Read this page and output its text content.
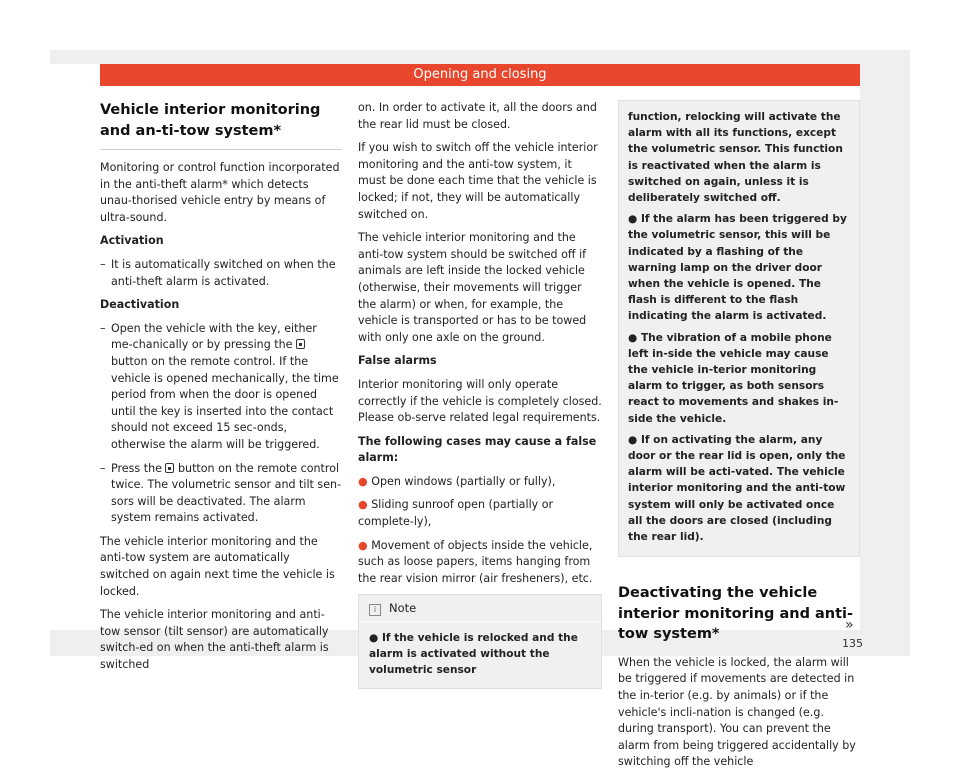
Opening and closing
Vehicle interior monitoring and an-ti-tow system*

Monitoring or control function incorporated in the anti-theft alarm* which detects unau-thorised vehicle entry by means of ultra-sound.

Activation

– It is automatically switched on when the anti-theft alarm is activated.

Deactivation

– Open the vehicle with the key, either me-chanically or by pressing the  button on the remote control. If the vehicle is opened mechanically, the time period from when the door is opened until the key is inserted into the contact should not exceed 15 sec-onds, otherwise the alarm will be triggered.

– Press the button on the remote control twice. The volumetric sensor and tilt sen-sors will be deactivated. The alarm system remains activated.

The vehicle interior monitoring and the anti-tow system are automatically switched on again next time the vehicle is locked.

The vehicle interior monitoring and anti-tow sensor (tilt sensor) are automatically switch-ed on when the anti-theft alarm is switched

on. In order to activate it, all the doors and the rear lid must be closed.

If you wish to switch off the vehicle interior monitoring and the anti-tow system, it must be done each time that the vehicle is locked; if not, they will be automatically switched on.

The vehicle interior monitoring and the anti-tow system should be switched off if animals are left inside the locked vehicle (otherwise, their movements will trigger the alarm) or when, for example, the vehicle is transported or has to be towed with only one axle on the ground.

False alarms

Interior monitoring will only operate correctly if the vehicle is completely closed. Please ob-serve related legal requirements.

The following cases may cause a false alarm:

● Open windows (partially or fully),

● Sliding sunroof open (partially or complete-ly),

● Movement of objects inside the vehicle, such as loose papers, items hanging from the rear vision mirror (air fresheners), etc.

i Note

● If the vehicle is relocked and the alarm is activated without the volumetric sensor

function, relocking will activate the alarm with all its functions, except the volumetric sensor. This function is reactivated when the alarm is switched on again, unless it is deliberately switched off.

● If the alarm has been triggered by the volumetric sensor, this will be indicated by a flashing of the warning lamp on the driver door when the vehicle is opened. The flash is different to the flash indicating the alarm is activated.

● The vibration of a mobile phone left in-side the vehicle may cause the vehicle in-terior monitoring alarm to trigger, as both sensors react to movements and shakes in-side the vehicle.

● If on activating the alarm, any door or the rear lid is open, only the alarm will be acti-vated. The vehicle interior monitoring and the anti-tow system will only be activated once all the doors are closed (including the rear lid).

Deactivating the vehicle interior monitoring and anti-tow system*

When the vehicle is locked, the alarm will be triggered if movements are detected in the in-terior (e.g. by animals) or if the vehicle's incli-nation is changed (e.g. during transport). You can prevent the alarm from being triggered accidentally by switching off the vehicle

»
135
